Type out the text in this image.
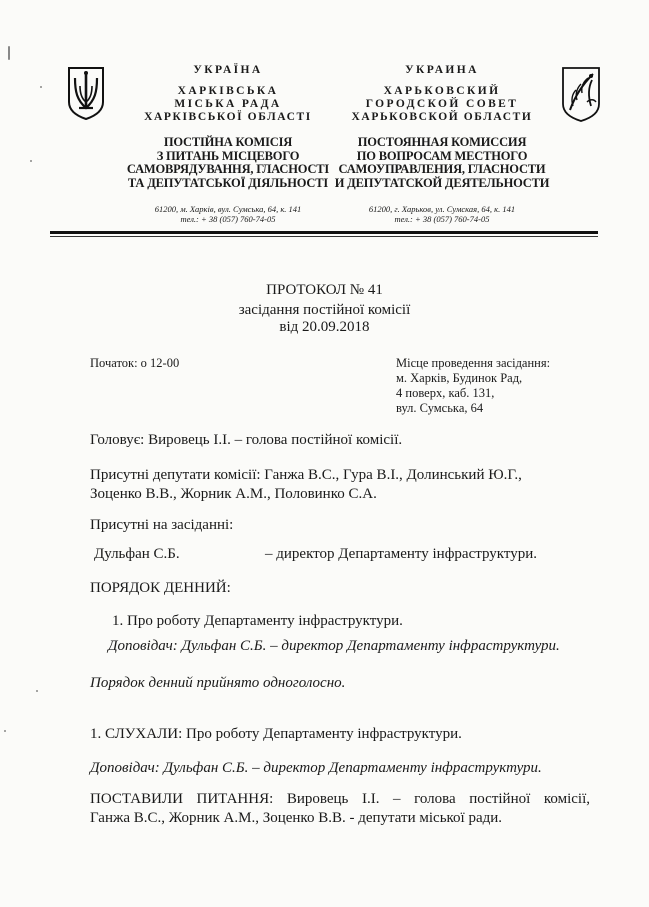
УКРАЇНА
ХАРКІВСЬКА
МІСЬКА РАДА
ХАРКІВСЬКОЇ ОБЛАСТІ
ПОСТІЙНА КОМІСІЯ
З ПИТАНЬ МІСЦЕВОГО
САМОВРЯДУВАННЯ, ГЛАСНОСТІ
ТА ДЕПУТАТСЬКОЇ ДІЯЛЬНОСТІ
61200, м. Харків, вул. Сумська, 64, к. 141
тел.: + 38 (057) 760-74-05
УКРАИНА
ХАРЬКОВСКИЙ
ГОРОДСКОЙ СОВЕТ
ХАРЬКОВСКОЙ ОБЛАСТИ
ПОСТОЯННАЯ КОМИССИЯ
ПО ВОПРОСАМ МЕСТНОГО
САМОУПРАВЛЕНИЯ, ГЛАСНОСТИ
И ДЕПУТАТСКОЙ ДЕЯТЕЛЬНОСТИ
61200, г. Харьков, ул. Сумская, 64, к. 141
тел.: + 38 (057) 760-74-05
ПРОТОКОЛ № 41
засідання постійної комісії
від 20.09.2018
Початок: о 12-00	Місце проведення засідання:
м. Харків, Будинок Рад,
4 поверх, каб. 131,
вул. Сумська, 64
Головує: Вировець І.І. – голова постійної комісії.
Присутні депутати комісії: Ганжа В.С., Гура В.І., Долинський Ю.Г.,
Зоценко В.В., Жорник А.М., Половинко С.А.
Присутні на засіданні:
Дульфан С.Б.	– директор Департаменту інфраструктури.
ПОРЯДОК ДЕННИЙ:
1. Про роботу Департаменту інфраструктури.
Доповідач: Дульфан С.Б. – директор Департаменту інфраструктури.
Порядок денний прийнято одноголосно.
1. СЛУХАЛИ: Про роботу Департаменту інфраструктури.
Доповідач: Дульфан С.Б. – директор Департаменту інфраструктури.
ПОСТАВИЛИ ПИТАННЯ: Вировець І.І. – голова постійної комісії,
Ганжа В.С., Жорник А.М., Зоценко В.В. - депутати міської ради.
